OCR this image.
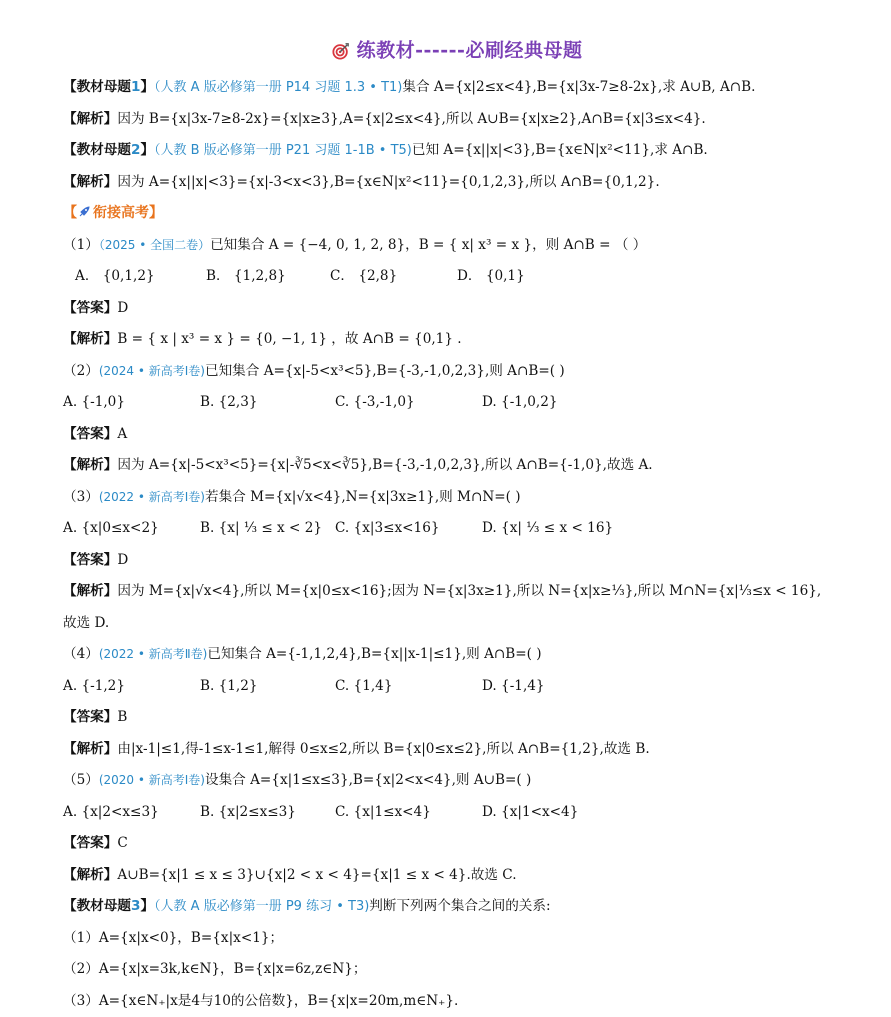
练教材------必刷经典母题
【教材母题1】（人教 A 版必修第一册 P14 习题 1.3 • T1)集合 A={x|2≤x<4},B={x|3x-7≥8-2x},求 A∪B, A∩B.
【解析】因为 B={x|3x-7≥8-2x}={x|x≥3},A={x|2≤x<4},所以 A∪B={x|x≥2},A∩B={x|3≤x<4}.
【教材母题2】（人教 B 版必修第一册 P21 习题 1-1B • T5)已知 A={x||x|<3},B={x∈N|x²<11},求 A∩B.
【解析】因为 A={x||x|<3}={x|-3<x<3},B={x∈N|x²<11}={0,1,2,3},所以 A∩B={0,1,2}.
【 衔接高考】
（1）（2025 • 全国二卷）已知集合 A = {−4, 0, 1, 2, 8}，B = { x| x³ = x }，则 A∩B = （ ）
A． {0,1,2}	B． {1,2,8}	C． {2,8}	D． {0,1}
【答案】D
【解析】B = { x | x³ = x } = {0, −1, 1} ，故 A∩B = {0,1} .
（2）(2024 • 新高考Ⅰ卷)已知集合 A={x|-5<x³<5},B={-3,-1,0,2,3},则 A∩B=( )
A. {-1,0}	B. {2,3}	C. {-3,-1,0}	D. {-1,0,2}
【答案】A
【解析】因为 A={x|-5<x³<5}={x|-∛5<x<∛5},B={-3,-1,0,2,3},所以 A∩B={-1,0},故选 A.
（3）(2022 • 新高考Ⅰ卷)若集合 M={x|√x<4},N={x|3x≥1},则 M∩N=( )
A. {x|0≤x<2}	B. {x| ⅓ ≤ x < 2} C. {x|3≤x<16}	D. {x| ⅓ ≤ x < 16}
【答案】D
【解析】因为 M={x|√x<4},所以 M={x|0≤x<16};因为 N={x|3x≥1},所以 N={x|x≥⅓},所以 M∩N={x|⅓≤x < 16},
故选 D.
（4）(2022 • 新高考Ⅱ卷)已知集合 A={-1,1,2,4},B={x||x-1|≤1},则 A∩B=( )
A. {-1,2}	B. {1,2}	C. {1,4}	D. {-1,4}
【答案】B
【解析】由|x-1|≤1,得-1≤x-1≤1,解得 0≤x≤2,所以 B={x|0≤x≤2},所以 A∩B={1,2},故选 B.
（5）(2020 • 新高考Ⅰ卷)设集合 A={x|1≤x≤3},B={x|2<x<4},则 A∪B=( )
A. {x|2<x≤3}	B. {x|2≤x≤3}	C. {x|1≤x<4}	D. {x|1<x<4}
【答案】C
【解析】A∪B={x|1 ≤ x ≤ 3}∪{x|2 < x < 4}={x|1 ≤ x < 4}.故选 C.
【教材母题3】（人教 A 版必修第一册 P9 练习 • T3)判断下列两个集合之间的关系:
（1）A={x|x<0}，B={x|x<1}；
（2）A={x|x=3k,k∈N}，B={x|x=6z,z∈N}；
（3）A={x∈N₊|x是4与10的公倍数}，B={x|x=20m,m∈N₊}.
